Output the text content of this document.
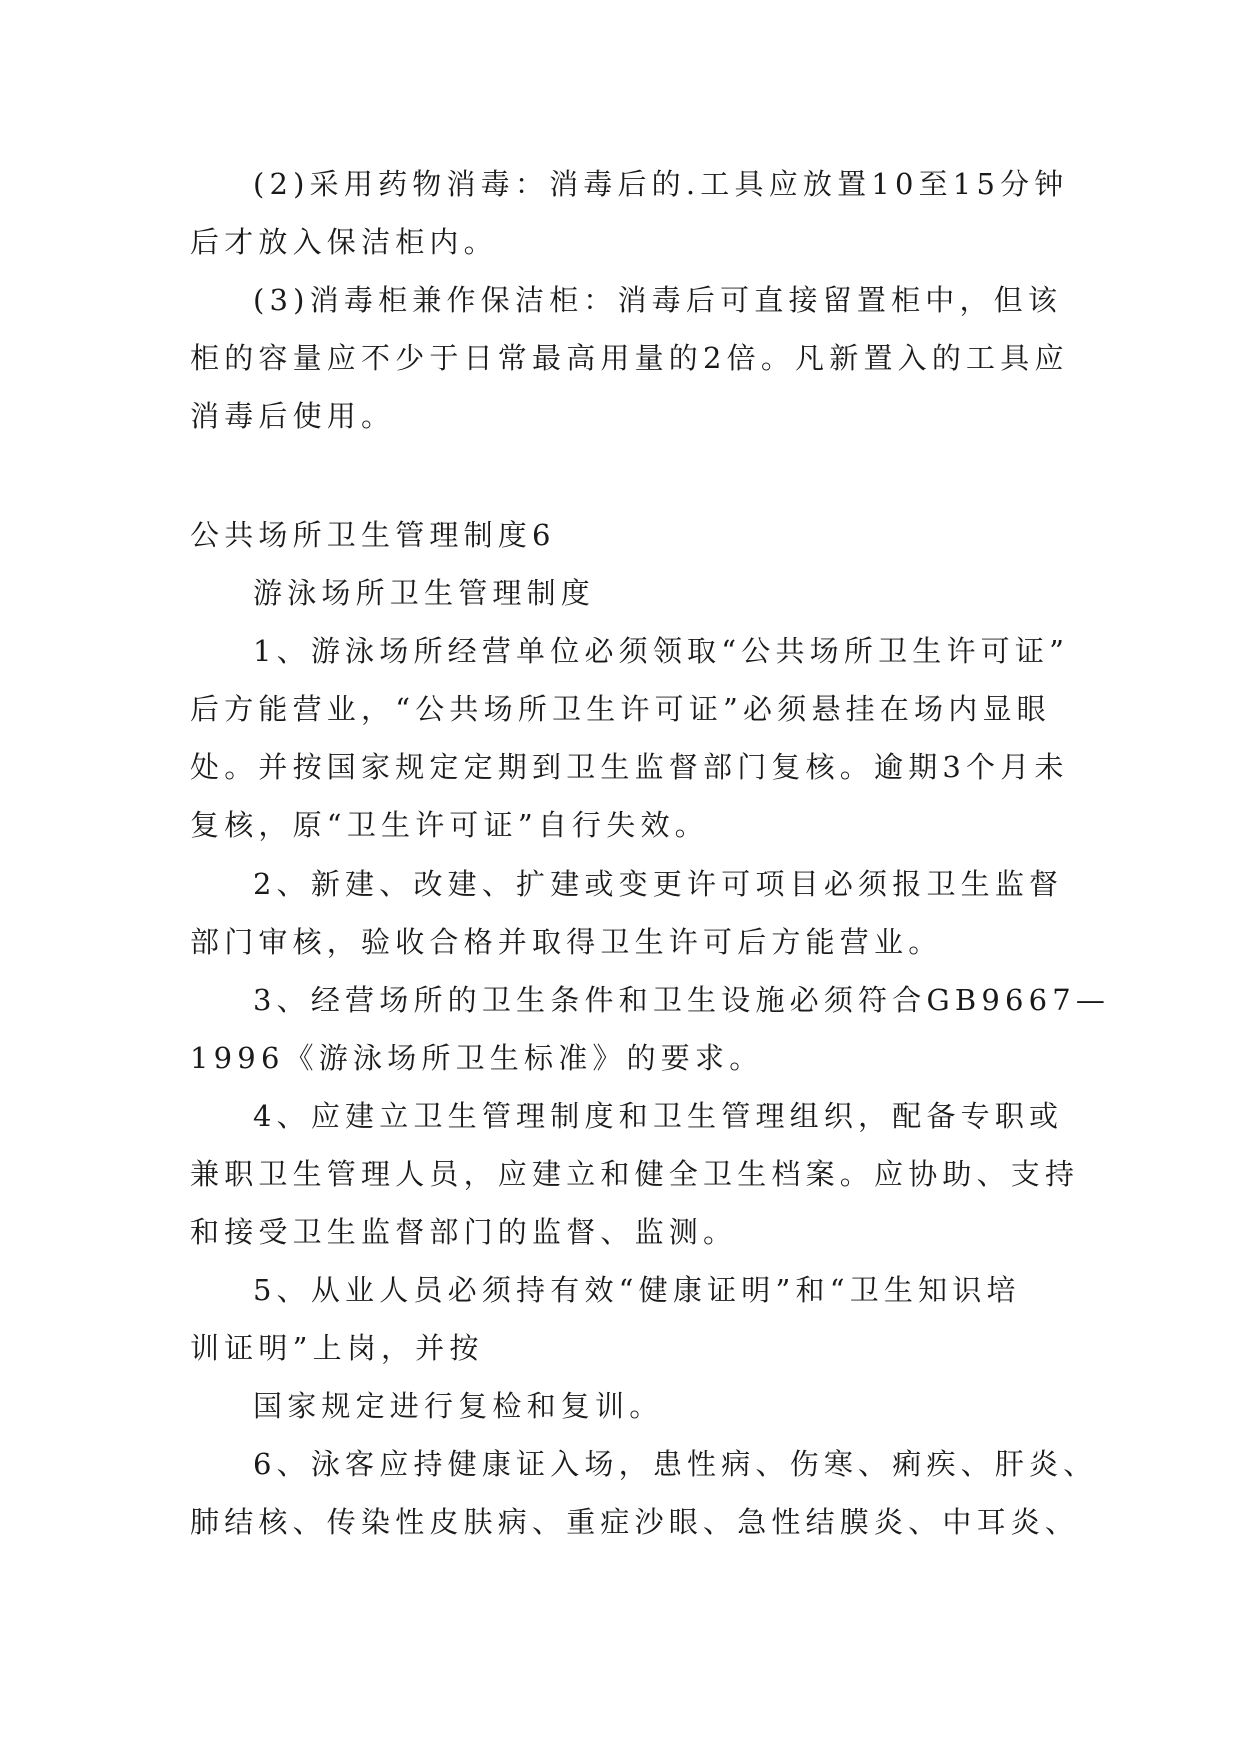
(2)采用药物消毒：消毒后的.工具应放置10至15分钟

后才放入保洁柜内。

(3)消毒柜兼作保洁柜：消毒后可直接留置柜中，但该

柜的容量应不少于日常最高用量的2倍。凡新置入的工具应

消毒后使用。

公共场所卫生管理制度6

游泳场所卫生管理制度

1、游泳场所经营单位必须领取“公共场所卫生许可证”

后方能营业，“公共场所卫生许可证”必须悬挂在场内显眼

处。并按国家规定定期到卫生监督部门复核。逾期3个月未

复核，原“卫生许可证”自行失效。

2、新建、改建、扩建或变更许可项目必须报卫生监督

部门审核，验收合格并取得卫生许可后方能营业。

3、经营场所的卫生条件和卫生设施必须符合GB9667—

1996《游泳场所卫生标准》的要求。

4、应建立卫生管理制度和卫生管理组织，配备专职或

兼职卫生管理人员，应建立和健全卫生档案。应协助、支持

和接受卫生监督部门的监督、监测。

5、从业人员必须持有效“健康证明”和“卫生知识培

训证明”上岗，并按

国家规定进行复检和复训。

6、泳客应持健康证入场，患性病、伤寒、痢疾、肝炎、

肺结核、传染性皮肤病、重症沙眼、急性结膜炎、中耳炎、
